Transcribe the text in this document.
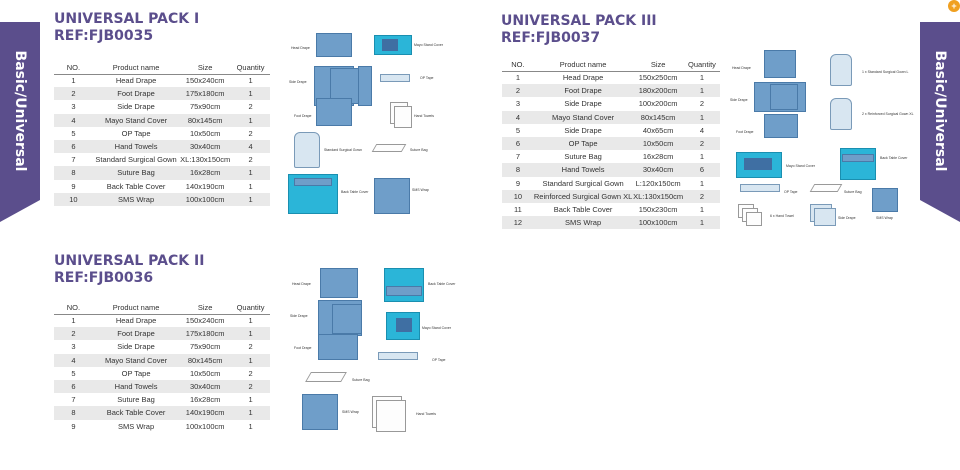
Basic/Universal	Basic/Universal
+
UNIVERSAL PACK I
REF:FJB0035
NO.	Product name	Size	Quantity
1	Head Drape	150x240cm	1
2	Foot Drape	175x180cm	1
3	Side Drape	75x90cm	2
4	Mayo Stand Cover	80x145cm	1
5	OP Tape	10x50cm	2
6	Hand Towels	30x40cm	4
7	Standard Surgical Gown	XL:130x150cm	2
8	Suture Bag	16x28cm	1
9	Back Table Cover	140x190cm	1
10	SMS Wrap	100x100cm	1
Head Drape
Mayo Stand Cover
Side Drape
OP Tape
Foot Drape	Hand Towels
Standard Surgical Gown	Suture Bag
Back Table Cover	SMS Wrap
UNIVERSAL PACK II
REF:FJB0036
NO.	Product name	Size	Quantity
1	Head Drape	150x240cm	1
2	Foot Drape	175x180cm	1
3	Side Drape	75x90cm	2
4	Mayo Stand Cover	80x145cm	1
5	OP Tape	10x50cm	2
6	Hand Towels	30x40cm	2
7	Suture Bag	16x28cm	1
8	Back Table Cover	140x190cm	1
9	SMS Wrap	100x100cm	1
Head Drape	Back Table Cover
Side Drape
Mayo Stand Cover
Foot Drape
OP Tape
Suture Bag
SMS Wrap	Hand Towels
UNIVERSAL PACK III
REF:FJB0037
NO.	Product name	Size	Quantity
1	Head Drape	150x250cm	1
2	Foot Drape	180x200cm	1
3	Side Drape	100x200cm	2
4	Mayo Stand Cover	80x145cm	1
5	Side Drape	40x65cm	4
6	OP Tape	10x50cm	2
7	Suture Bag	16x28cm	1
8	Hand Towels	30x40cm	6
9	Standard Surgical Gown	L:120x150cm	1
10	Reinforced Surgical Gown XL	XL:130x150cm	2
11	Back Table Cover	150x230cm	1
12	SMS Wrap	100x100cm	1
Head Drape
1 x Standard Surgical Gown L
Side Drape
2 x Reinforced Surgical Gown XL
Foot Drape
Mayo Stand Cover
Back Table Cover
OP Tape	Suture Bag
6 x Hand Towel	Side Drape	SMS Wrap
